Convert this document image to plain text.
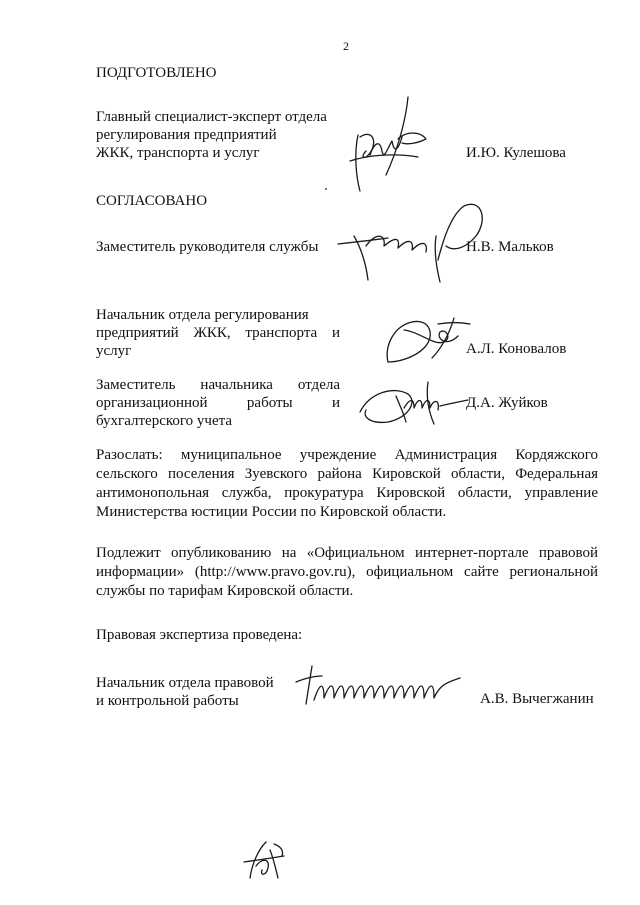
2
ПОДГОТОВЛЕНО
Главный специалист-эксперт отдела
регулирования предприятий
ЖКК, транспорта и услуг	И.Ю. Кулешова
СОГЛАСОВАНО
Заместитель руководителя службы	Н.В. Мальков
Начальник отдела регулирования
предприятий ЖКК, транспорта и
услуг	А.Л. Коновалов
Заместитель начальника отдела
организационной работы и
бухгалтерского учета
Д.А. Жуйков
Разослать: муниципальное учреждение Администрация Кордяжского
сельского поселения Зуевского района Кировской области, Федеральная
антимонопольная служба, прокуратура Кировской области, управление
Министерства юстиции России по Кировской области.
Подлежит опубликованию на «Официальном интернет-портале правовой
информации» (http://www.pravo.gov.ru), официальном сайте региональной
службы по тарифам Кировской области.
Правовая экспертиза проведена:
Начальник отдела правовой
и контрольной работы	А.В. Вычегжанин
